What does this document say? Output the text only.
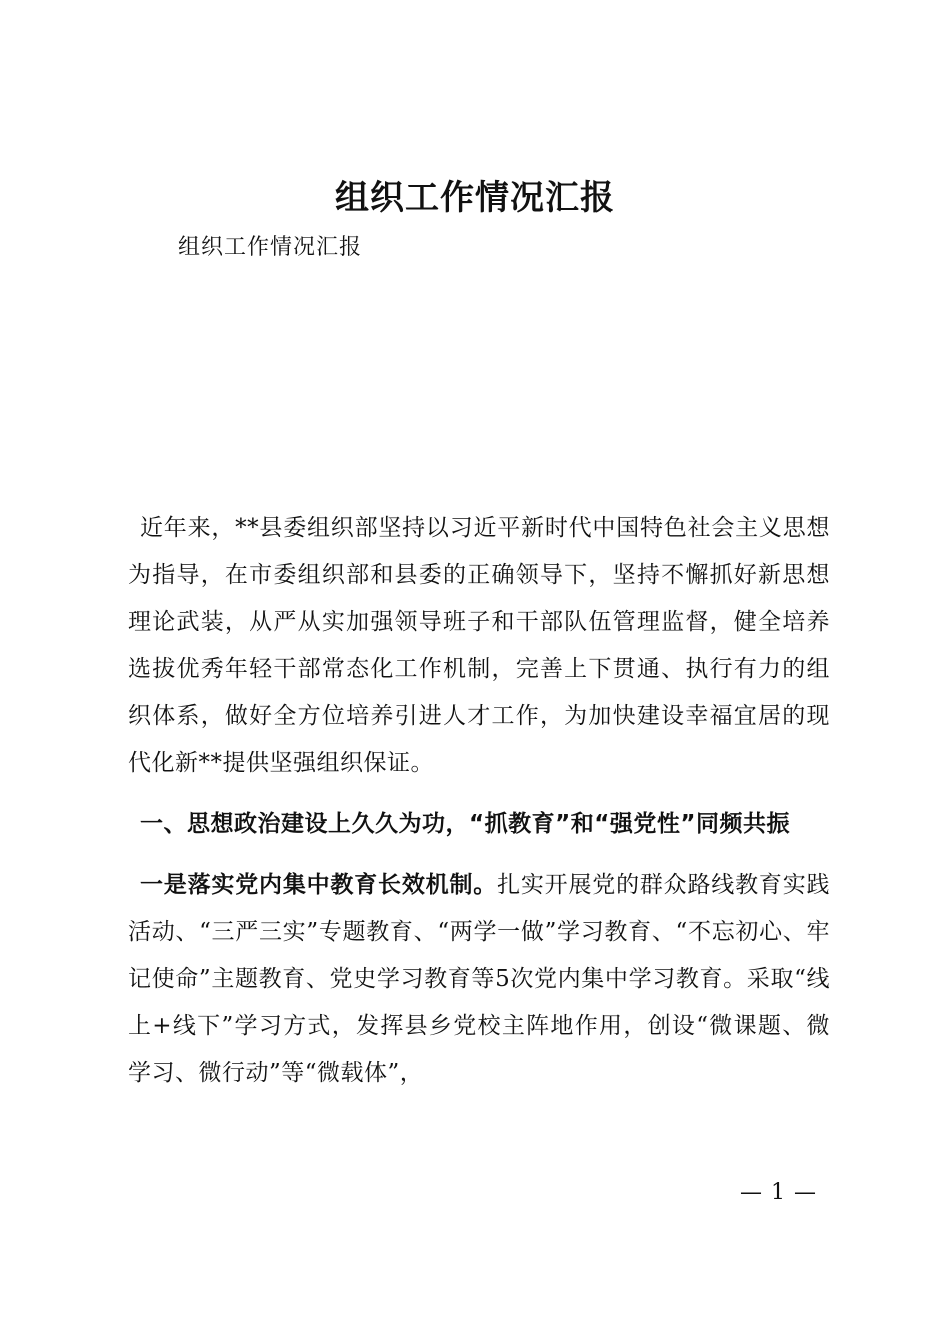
组织工作情况汇报
组织工作情况汇报

近年来，**县委组织部坚持以习近平新时代中国特色社会主义思想为指导，在市委组织部和县委的正确领导下，坚持不懈抓好新思想理论武装，从严从实加强领导班子和干部队伍管理监督，健全培养选拔优秀年轻干部常态化工作机制，完善上下贯通、执行有力的组织体系，做好全方位培养引进人才工作，为加快建设幸福宜居的现代化新**提供坚强组织保证。

一、思想政治建设上久久为功，“抓教育”和“强党性”同频共振

一是落实党内集中教育长效机制。扎实开展党的群众路线教育实践活动、“三严三实”专题教育、“两学一做”学习教育、“不忘初心、牢记使命”主题教育、党史学习教育等5次党内集中学习教育。采取“线上+线下”学习方式，发挥县乡党校主阵地作用，创设“微课题、微学习、微行动”等“微载体”，

— 1 —
